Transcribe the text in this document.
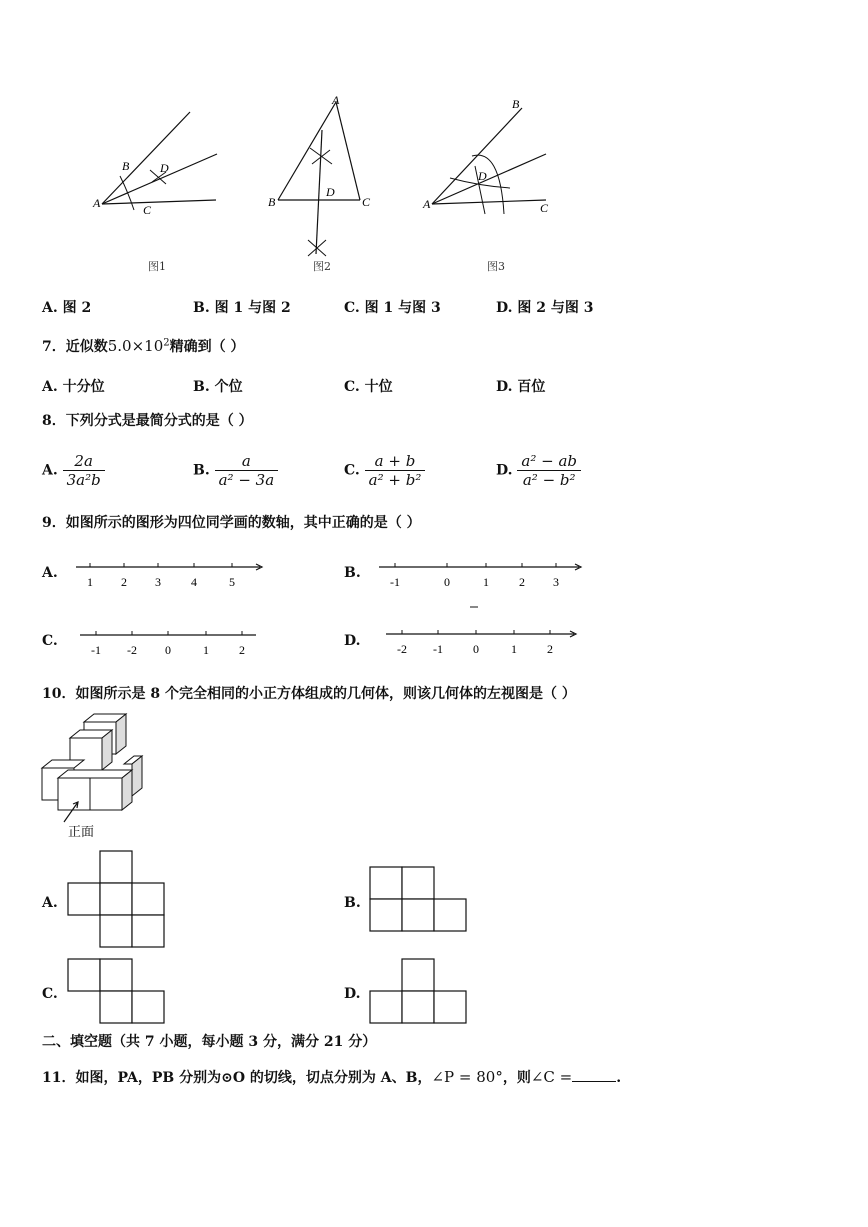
A
B	D
C
图1
A
B	C
D
图2
A
B
D
C
图3
A. 图 2	B. 图 1 与图 2	C. 图 1 与图 3	D. 图 2 与图 3
7．近似数$5.0\times 10^2$精确到（ ）
A. 十分位	B. 个位	C. 十位	D. 百位
8．下列分式是最简分式的是（ ）
A. $\frac{2a}{\text{3a²b}}$	B. $\frac{a}{\text{a² − 3a}}$	C. $\frac{a + b}{\text{a² + b²}}$	D. $\frac{\text{a² − ab}}{\text{a² − b²}}$
9．如图所示的图形为四位同学画的数轴，其中正确的是（ ）
A.
1 2 3	4	5
B.
-1	0	1	2 3
C.
-1 -2 0	1	2
D.	-2 -1	0	1	2
10．如图所示是 8 个完全相同的小正方体组成的几何体，则该几何体的左视图是（ ）
正面
A.	B.
C.	D.
二、填空题（共 7 小题，每小题 3 分，满分 21 分）
11．如图，PA，PB 分别为⊙O 的切线，切点分别为 A、B，∠P = 80°，则∠C =	.
